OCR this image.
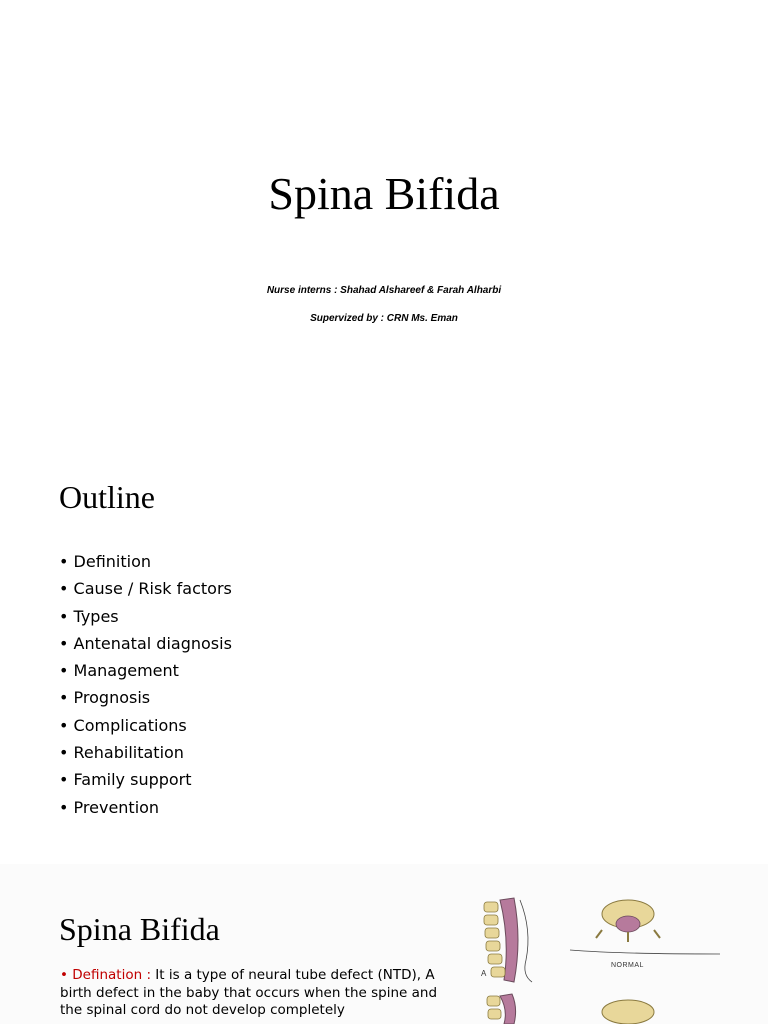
Spina Bifida
Nurse interns : Shahad Alshareef & Farah Alharbi
Supervized by : CRN Ms. Eman
Outline
• Definition
• Cause / Risk factors
• Types
• Antenatal diagnosis
• Management
• Prognosis
• Complications
• Rehabilitation
• Family support
• Prevention
Spina Bifida
• Defination : It is a type of neural tube defect (NTD), A birth defect in the baby that occurs when the spine and the spinal cord do not develop completely
NORMAL
A
